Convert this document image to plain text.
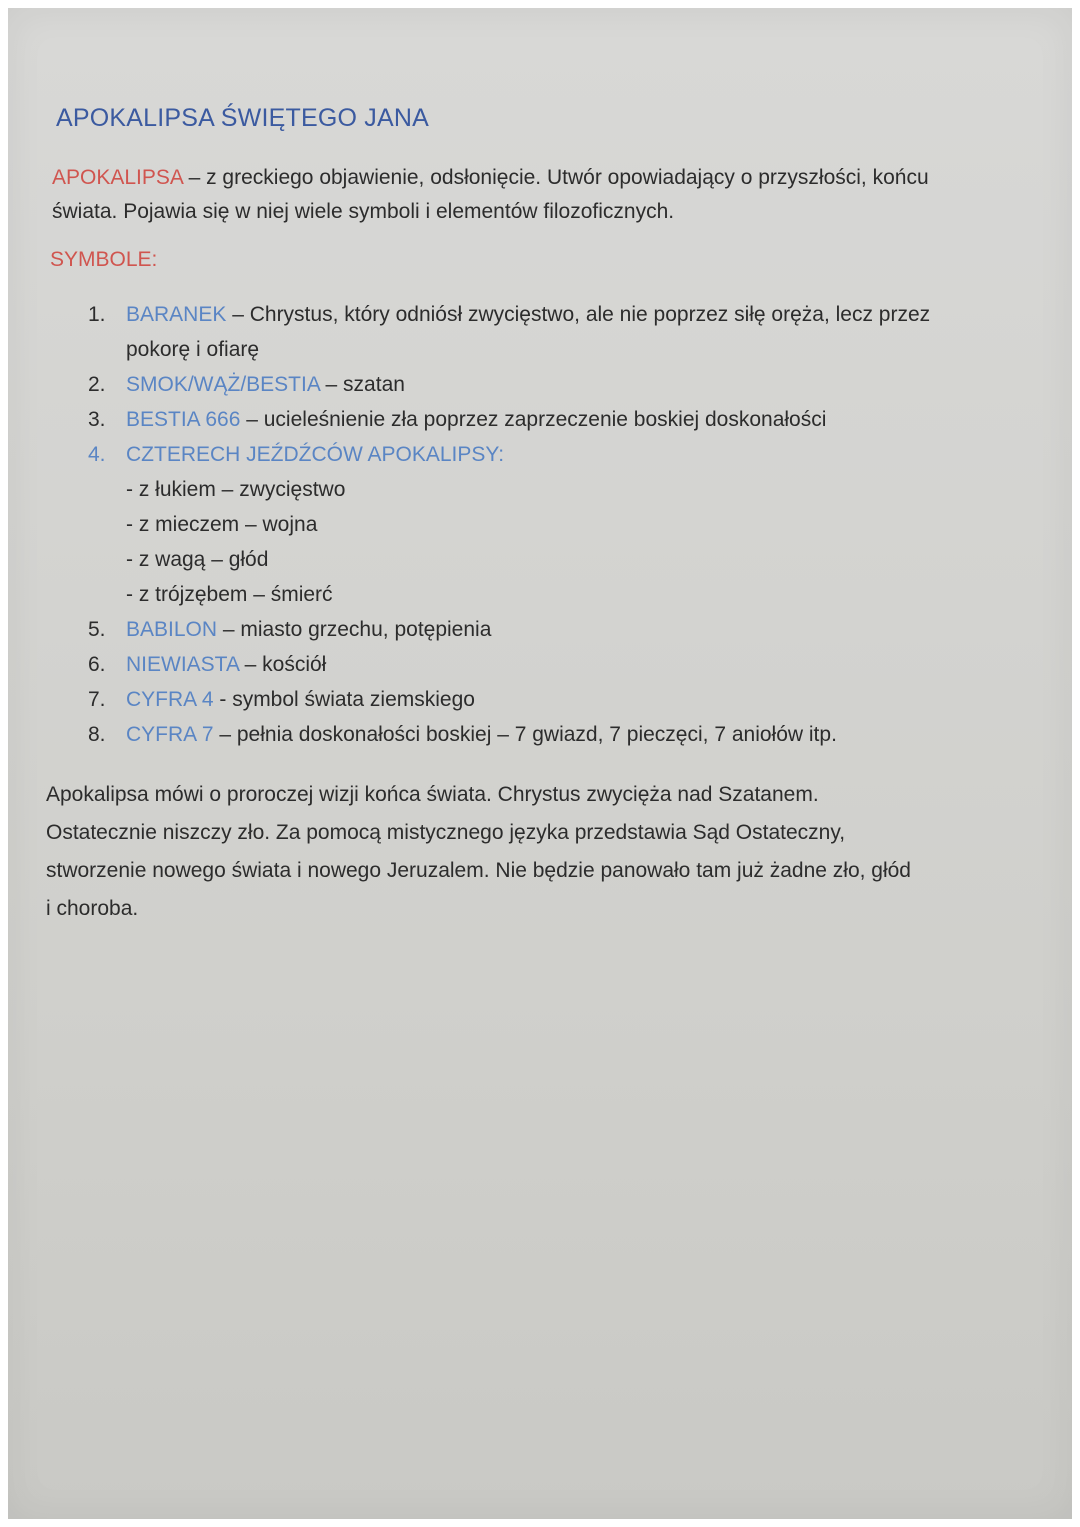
APOKALIPSA ŚWIĘTEGO JANA
APOKALIPSA – z greckiego objawienie, odsłonięcie. Utwór opowiadający o przyszłości, końcu
świata. Pojawia się w niej wiele symboli i elementów filozoficznych.
SYMBOLE:
1. BARANEK – Chrystus, który odniósł zwycięstwo, ale nie poprzez siłę oręża, lecz przez
pokorę i ofiarę
2. SMOK/WĄŻ/BESTIA – szatan
3. BESTIA 666 – ucieleśnienie zła poprzez zaprzeczenie boskiej doskonałości
4. CZTERECH JEŹDŹCÓW APOKALIPSY:
- z łukiem – zwycięstwo
- z mieczem – wojna
- z wagą – głód
- z trójzębem – śmierć
5. BABILON – miasto grzechu, potępienia
6. NIEWIASTA – kościół
7. CYFRA 4 - symbol świata ziemskiego
8. CYFRA 7 – pełnia doskonałości boskiej – 7 gwiazd, 7 pieczęci, 7 aniołów itp.
Apokalipsa mówi o proroczej wizji końca świata. Chrystus zwycięża nad Szatanem.
Ostatecznie niszczy zło. Za pomocą mistycznego języka przedstawia Sąd Ostateczny,
stworzenie nowego świata i nowego Jeruzalem. Nie będzie panowało tam już żadne zło, głód
i choroba.
